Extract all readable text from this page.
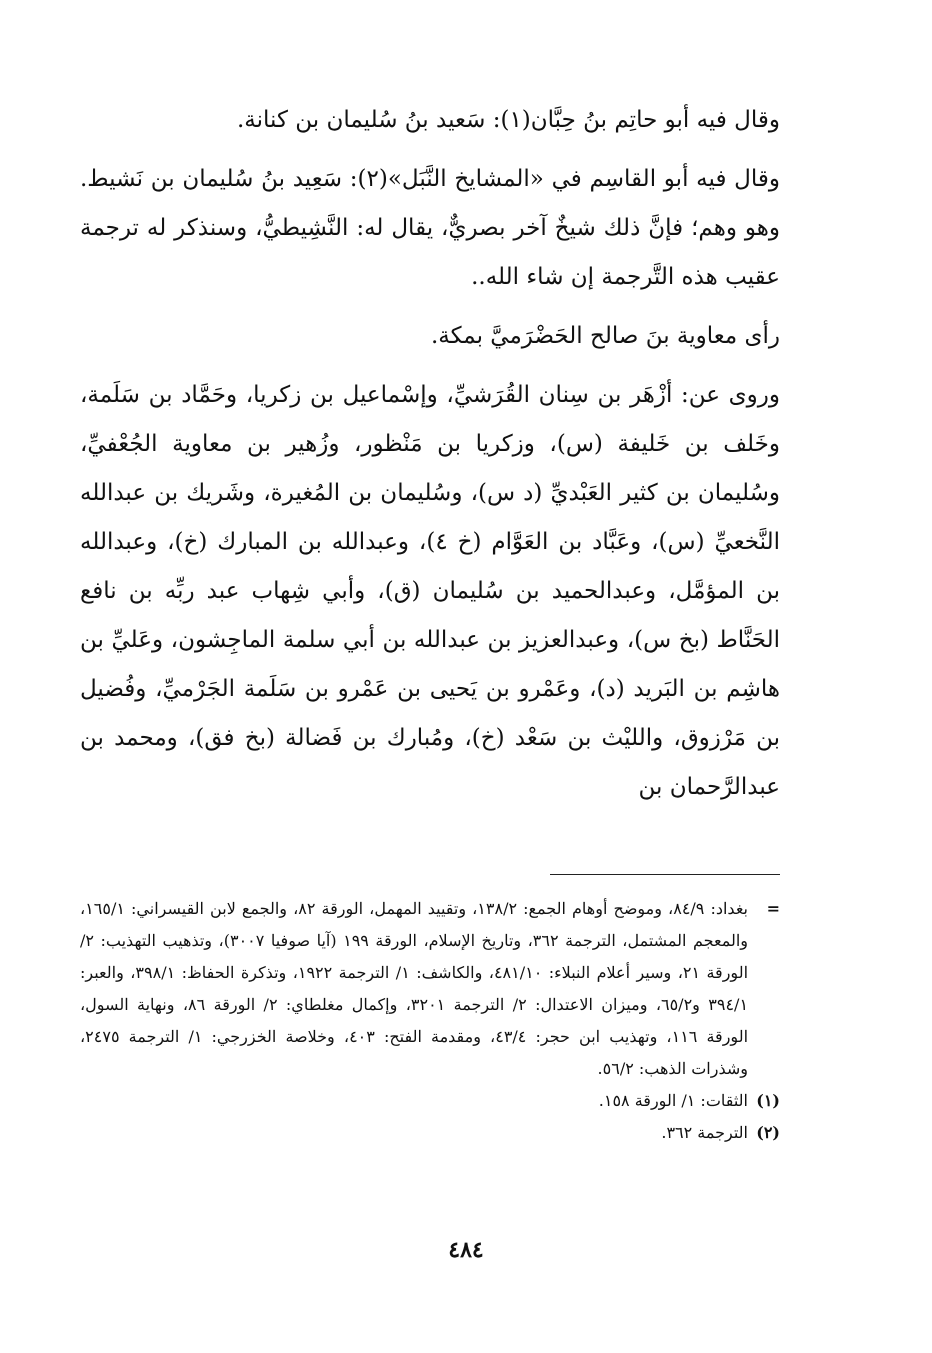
وقال فيه أبو حاتِم بنُ حِبَّان(١): سَعيد بنُ سُليمان بن كنانة.

وقال فيه أبو القاسِم في «المشايخ النَّبَل»(٢): سَعِيد بنُ سُليمان بن نَشيط. وهو وهم؛ فإنَّ ذلك شيخٌ آخر بصريٌّ، يقال له: النَّشِيطيُّ، وسنذكر له ترجمة عقيب هذه التَّرجمة إن شاء الله..

رأى معاوية بنَ صالح الحَضْرَميَّ بمكة.

وروى عن: أزْهَر بن سِنان القُرَشيِّ، وإسْماعيل بن زكريا، وحَمَّاد بن سَلَمة، وخَلف بن خَليفة (س)، وزكريا بن مَنْظور، وزُهير بن معاوية الجُعْفيِّ، وسُليمان بن كثير العَبْديِّ (د س)، وسُليمان بن المُغيرة، وشَريك بن عبدالله النَّخعيِّ (س)، وعَبَّاد بن العَوَّام (خ ٤)، وعبدالله بن المبارك (خ)، وعبدالله بن المؤمَّل، وعبدالحميد بن سُليمان (ق)، وأبي شِهاب عبد ربِّه بن نافع الحَنَّاط (بخ س)، وعبدالعزيز بن عبدالله بن أبي سلمة الماجِشون، وعَليِّ بن هاشِم بن البَريد (د)، وعَمْرو بن يَحيى بن عَمْرو بن سَلَمة الجَرْميِّ، وفُضيل بن مَرْزوق، والليْث بن سَعْد (خ)، ومُبارك بن فَضالة (بخ فق)، ومحمد بن عبدالرَّحمان بن

=
بغداد: ٨٤/٩، وموضح أوهام الجمع: ١٣٨/٢، وتقييد المهمل، الورقة ٨٢، والجمع لابن القيسراني: ١٦٥/١، والمعجم المشتمل، الترجمة ٣٦٢، وتاريخ الإسلام، الورقة ١٩٩ (آيا صوفيا ٣٠٠٧)، وتذهيب التهذيب: ٢/ الورقة ٢١، وسير أعلام النبلاء: ٤٨١/١٠، والكاشف: ١/ الترجمة ١٩٢٢، وتذكرة الحفاظ: ٣٩٨/١، والعبر: ٣٩٤/١ و٦٥/٢، وميزان الاعتدال: ٢/ الترجمة ٣٢٠١، وإكمال مغلطاي: ٢/ الورقة ٨٦، ونهاية السول، الورقة ١١٦، وتهذيب ابن حجر: ٤٣/٤، ومقدمة الفتح: ٤٠٣، وخلاصة الخزرجي: ١/ الترجمة ٢٤٧٥، وشذرات الذهب: ٥٦/٢.
(١)
الثقات: ١/ الورقة ١٥٨.
(٢)
الترجمة ٣٦٢.
٤٨٤
